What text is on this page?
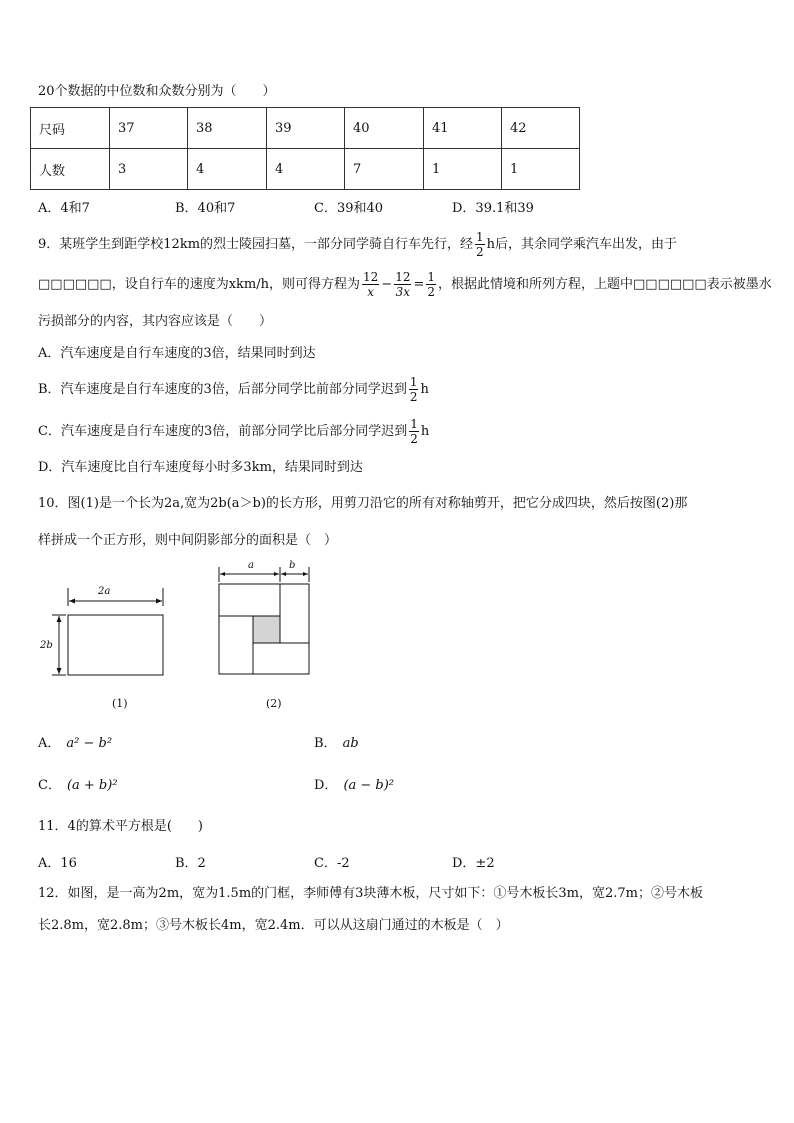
20个数据的中位数和众数分别为（　　）
尺码	37	38	39	40	41	42
人数	3	4	4	7	1	1
A．4和7	B．40和7	C．39和40	D．39.1和39
9．某班学生到距学校12km的烈士陵园扫墓，一部分同学骑自行车先行，经 $\frac{1}{2}$ h后，其余同学乘汽车出发，由于
□□□□□□，设自行车的速度为xkm/h，则可得方程为 $\frac{12}{x} - \frac{12}{3x} = \frac{1}{2}$ ，根据此情境和所列方程，上题中□□□□□□表示被墨水
污损部分的内容，其内容应该是（　　）
A．汽车速度是自行车速度的3倍，结果同时到达
B．汽车速度是自行车速度的3倍，后部分同学比前部分同学迟到 $\frac{1}{2}$ h
C．汽车速度是自行车速度的3倍，前部分同学比后部分同学迟到 $\frac{1}{2}$ h
D．汽车速度比自行车速度每小时多3km，结果同时到达
10．图(1)是一个长为2a,宽为2b(a＞b)的长方形，用剪刀沿它的所有对称轴剪开，把它分成四块，然后按图(2)那
样拼成一个正方形，则中间阴影部分的面积是（　）
2a
2b
(1)
a	b
(2)
A． a² − b²	B． ab
C． (a + b)²	D． (a − b)²
11．4的算术平方根是(　　)
A．16	B．2	C．-2	D．±2
12．如图，是一高为2m，宽为1.5m的门框，李师傅有3块薄木板，尺寸如下：①号木板长3m，宽2.7m；②号木板
长2.8m，宽2.8m；③号木板长4m，宽2.4m．可以从这扇门通过的木板是（　）
